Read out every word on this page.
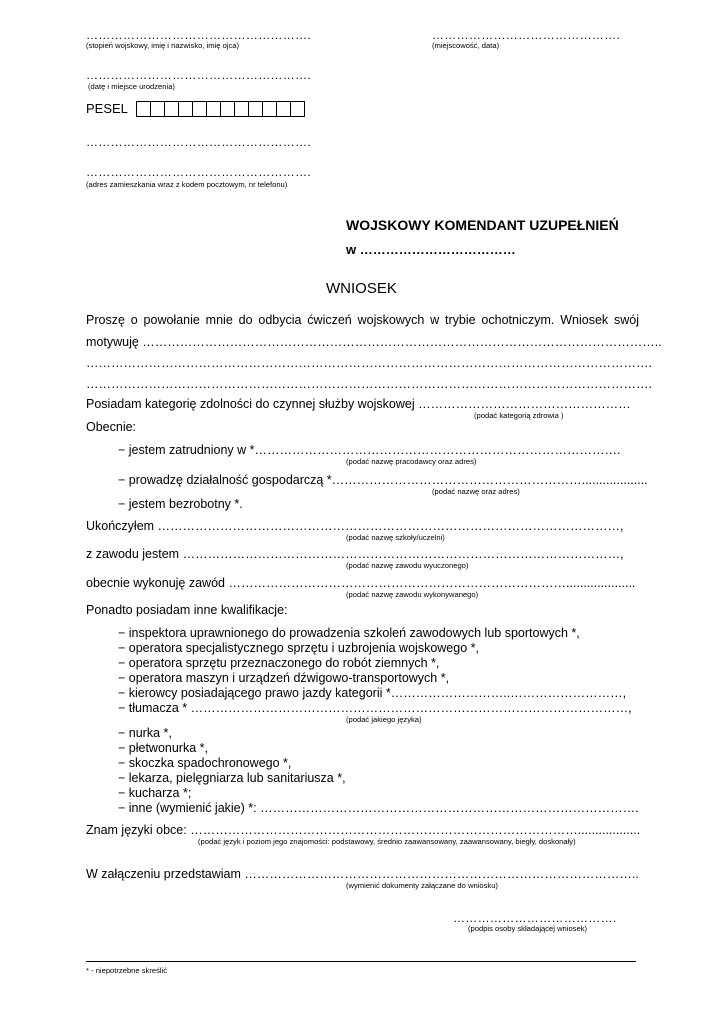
……………………………………………….
(stopień wojskowy, imię i nazwisko, imię ojca)
……………………………………….
(miejscowość, data)
……………………………………………….
(datę i miejsce urodzenia)
PESEL
……………………………………………….
……………………………………………….
(adres zamieszkania wraz z kodem pocztowym, nr telefonu)
WOJSKOWY KOMENDANT UZUPEŁNIEŃ
w ………………………………
WNIOSEK
Proszę o powołanie mnie do odbycia ćwiczeń wojskowych w trybie ochotniczym. Wniosek swój
motywuję ……………………………………………………………………………………………………………..
……………………………………………………………………………………………………………………….
……………………………………………………………………………………………………………………….
Posiadam kategorię zdolności do czynnej służby wojskowej ……………………………………………
(podać kategorią zdrowia )
Obecnie:
− jestem zatrudniony w *…………………………………………………………………………….
(podać nazwę pracodawcy oraz adres)
− prowadzę działalność gospodarczą *……………………………………………………...................
(podać nazwę oraz adres)
− jestem bezrobotny *.
Ukończyłem …………………………………………………………………………………………………,
(podać nazwę szkoły/uczelni)
z zawodu jestem ……………………………………………………………………………………………,
(podać nazwę zawodu wyuczonego)
obecnie wykonuję zawód ………………………………………………………………………....................
(podać nazwę zawodu wykonywanego)
Ponadto posiadam inne kwalifikacje:
− inspektora uprawnionego do prowadzenia szkoleń zawodowych lub sportowych *,
− operatora specjalistycznego sprzętu i uzbrojenia wojskowego *,
− operatora sprzętu przeznaczonego do robót ziemnych *,
− operatora maszyn i urządzeń dźwigowo-transportowych *,
− kierowcy posiadającego prawo jazdy kategorii *………………………..………………………,
− tłumacza * ……………………………………………………………………………………………,
(podać jakiego języka)
− nurka *,
− płetwonurka *,
− skoczka spadochronowego *,
− lekarza, pielęgniarza lub sanitariusza *,
− kucharza *;
− inne (wymienić jakie) *: ……………………………………………………………………………….
Znam języki obce: …………………………………………………………………………………..................
(podać język i poziom jego znajomości: podstawowy, średnio zaawansowany, zaawansowany, biegły, doskonały)
W załączeniu przedstawiam …………………………………………………………………………………..
(wymienić dokumenty załączane do wniosku)
………………………………….
(podpis osoby składającej wniosek)
* - niepotrzebne skreślić
